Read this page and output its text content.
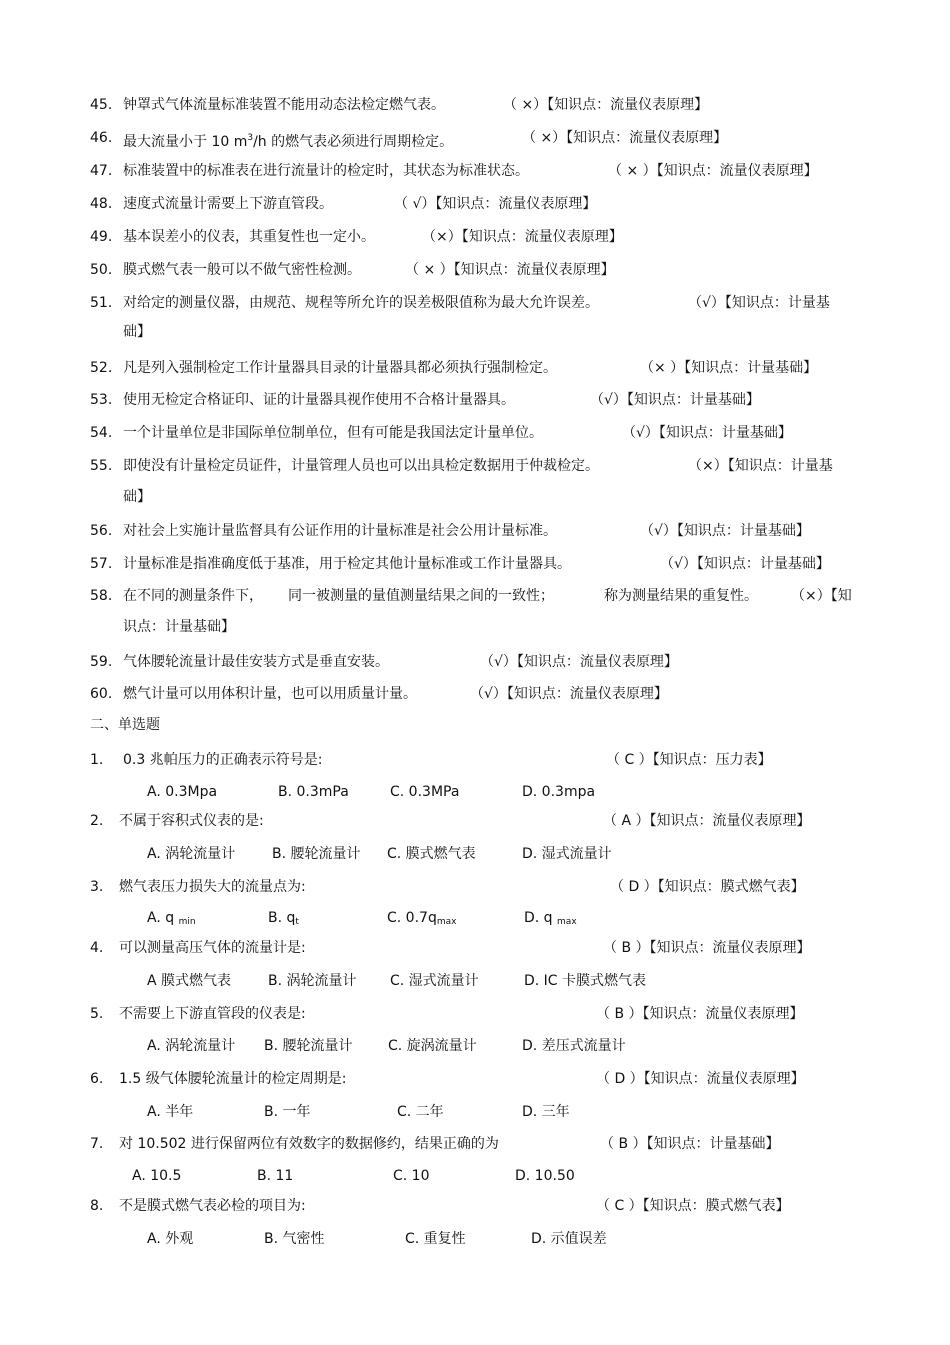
45. 钟罩式气体流量标准装置不能用动态法检定燃气表。	（ ×）【知识点：流量仪表原理】
46. 最大流量小于 10 $m^3/h$ 的燃气表必须进行周期检定。	（ ×）【知识点：流量仪表原理】
47. 标准装置中的标准表在进行流量计的检定时，其状态为标准状态。	（ × ）【知识点：流量仪表原理】
48. 速度式流量计需要上下游直管段。	（ √）【知识点：流量仪表原理】
49. 基本误差小的仪表，其重复性也一定小。	（×）【知识点：流量仪表原理】
50. 膜式燃气表一般可以不做气密性检测。	（ × ）【知识点：流量仪表原理】
51. 对给定的测量仪器，由规范、规程等所允许的误差极限值称为最大允许误差。	（√）【知识点：计量基
础】
52. 凡是列入强制检定工作计量器具目录的计量器具都必须执行强制检定。	（× ）【知识点：计量基础】
53. 使用无检定合格证印、证的计量器具视作使用不合格计量器具。	（√）【知识点：计量基础】
54. 一个计量单位是非国际单位制单位，但有可能是我国法定计量单位。	（√）【知识点：计量基础】
55. 即使没有计量检定员证件，计量管理人员也可以出具检定数据用于仲裁检定。	（×）【知识点：计量基
础】
56. 对社会上实施计量监督具有公证作用的计量标准是社会公用计量标准。	（√）【知识点：计量基础】
57. 计量标准是指准确度低于基准，用于检定其他计量标准或工作计量器具。	（√）【知识点：计量基础】
58. 在不同的测量条件下， 同一被测量的量值测量结果之间的一致性；	称为测量结果的重复性。 （×）【知
识点：计量基础】
59. 气体腰轮流量计最佳安装方式是垂直安装。	（√）【知识点：流量仪表原理】
60. 燃气计量可以用体积计量，也可以用质量计量。	（√）【知识点：流量仪表原理】
二、单选题
1. 0.3 兆帕压力的正确表示符号是:	（ C ）【知识点：压力表】
A. 0.3Mpa	B. 0.3mPa	C. 0.3MPa	D. 0.3mpa
2. 不属于容积式仪表的是:	（ A ）【知识点：流量仪表原理】
A. 涡轮流量计	B. 腰轮流量计 C. 膜式燃气表	D. 湿式流量计
3. 燃气表压力损失大的流量点为:	（ D ）【知识点：膜式燃气表】
A. q $_{min}$	B. $q_t$	C. $0.7q_{max}$	D. q $_{max}$
4. 可以测量高压气体的流量计是:	（ B ）【知识点：流量仪表原理】
A 膜式燃气表	B. 涡轮流量计 C. 湿式流量计	D. IC 卡膜式燃气表
5. 不需要上下游直管段的仪表是:	（ B ）【知识点：流量仪表原理】
A. 涡轮流量计 B. 腰轮流量计	C. 旋涡流量计	D. 差压式流量计
6. 1.5 级气体腰轮流量计的检定周期是:	（ D ）【知识点：流量仪表原理】
A. 半年	B. 一年	C. 二年	D. 三年
7. 对 10.502 进行保留两位有效数字的数据修约，结果正确的为	（ B ）【知识点：计量基础】
A. 10.5	B. 11	C. 10	D. 10.50
8. 不是膜式燃气表必检的项目为:	（ C ）【知识点：膜式燃气表】
A. 外观	B. 气密性	C. 重复性	D. 示值误差
